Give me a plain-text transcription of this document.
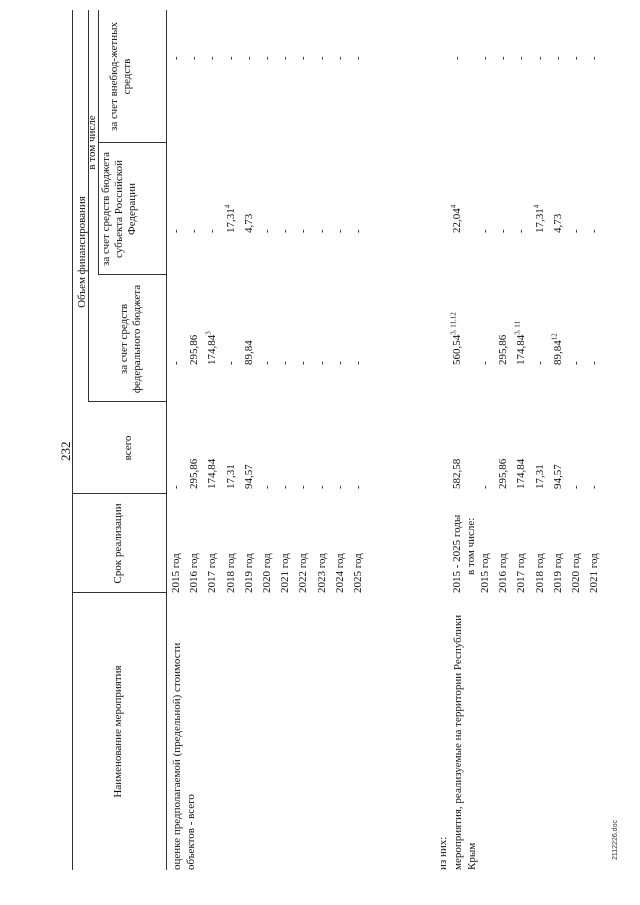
232
Наименование мероприятия
Срок реализации
Объем финансирования
всего
в том числе
за счет средств федерального бюджета
за счет средств бюджета субъекта Российской Федерации
за счет внебюд-жетных средств
оценке предполагаемой (предельной) стоимости объектов - всего	из них: мероприятия, реализуемые на территории Республики Крым
2015 - 2025 годы в том числе:
582,58
560,54$^{3, 11,12}$
22,04$^4$
-
2015 год
-
-
-
-
2016 год
295,86
295,86
-
-
2017 год
174,84
174,84$^3$
-
-
2018 год
17,31
-
17,31$^4$
-
2019 год
94,57
89,84
4,73
-
2020 год
-
-
-
-
2021 год
-
-
-
-
2022 год
-
-
-
-
2023 год
-
-
-
-
2024 год
-
-
-
-
2025 год
-
-
-
-
2015 год
-
-
-
-
2016 год
295,86
295,86
-
-
2017 год
174,84
174,84$^{3, 11}$
-
-
2018 год
17,31
-
17,31$^4$
-
2019 год
94,57
89,84$^{12}$
4,73
-
2020 год
-
-
-
-
2021 год
-
-
-
-
2112226.doc
